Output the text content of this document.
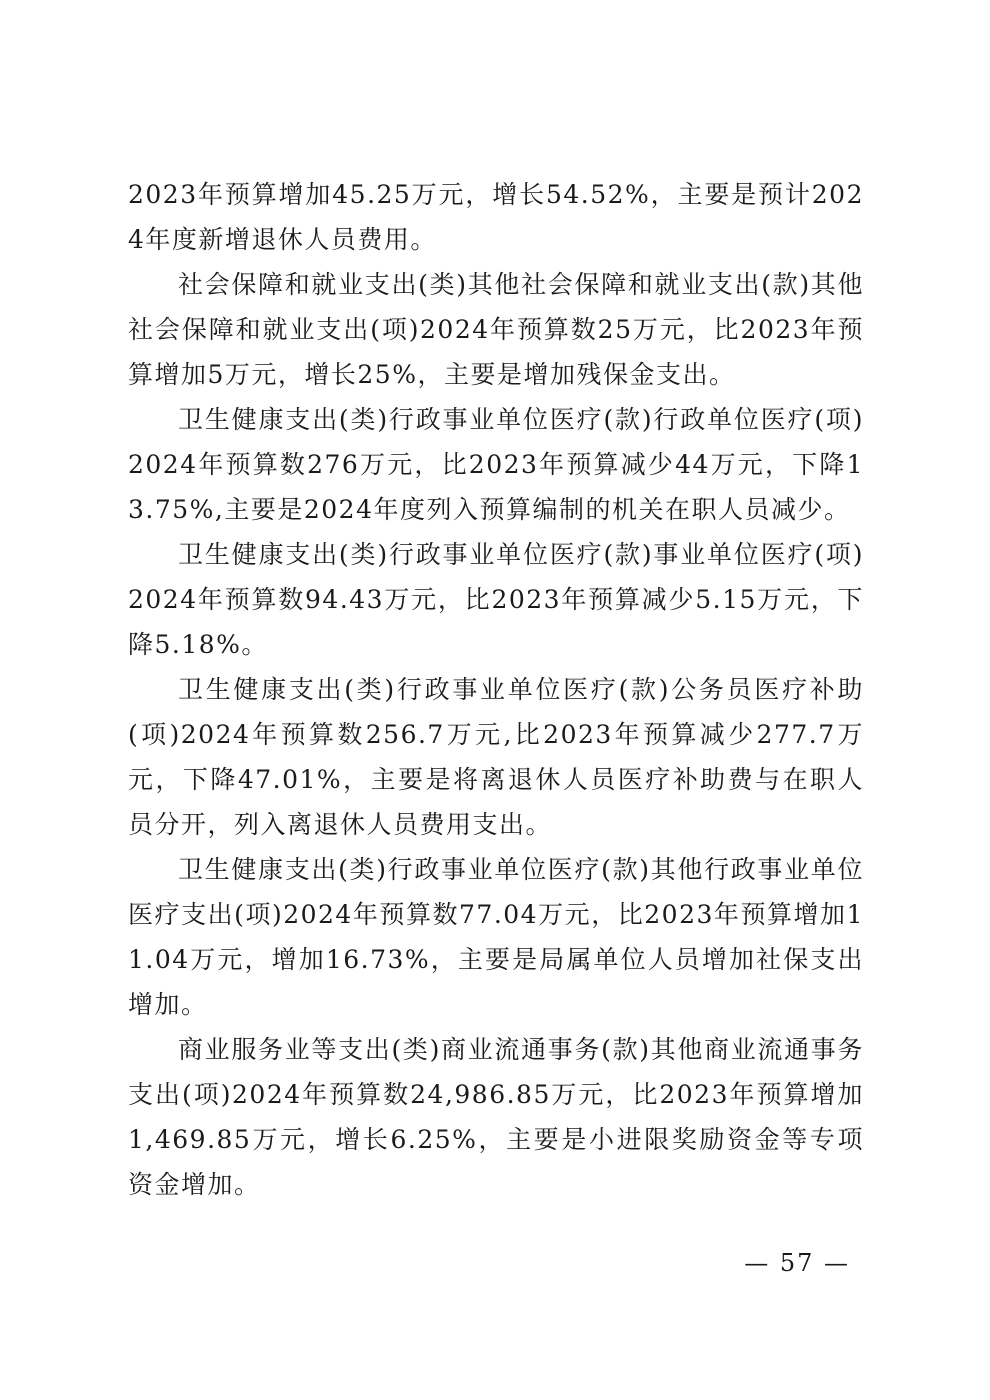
2023年预算增加45.25万元，增长54.52%，主要是预计2024年度新增退休人员费用。

社会保障和就业支出(类)其他社会保障和就业支出(款)其他社会保障和就业支出(项)2024年预算数25万元，比2023年预算增加5万元，增长25%，主要是增加残保金支出。

卫生健康支出(类)行政事业单位医疗(款)行政单位医疗(项)2024年预算数276万元，比2023年预算减少44万元，下降13.75%,主要是2024年度列入预算编制的机关在职人员减少。

卫生健康支出(类)行政事业单位医疗(款)事业单位医疗(项)2024年预算数94.43万元，比2023年预算减少5.15万元，下降5.18%。

卫生健康支出(类)行政事业单位医疗(款)公务员医疗补助(项)2024年预算数256.7万元,比2023年预算减少277.7万元，下降47.01%，主要是将离退休人员医疗补助费与在职人员分开，列入离退休人员费用支出。

卫生健康支出(类)行政事业单位医疗(款)其他行政事业单位医疗支出(项)2024年预算数77.04万元，比2023年预算增加11.04万元，增加16.73%，主要是局属单位人员增加社保支出增加。

商业服务业等支出(类)商业流通事务(款)其他商业流通事务支出(项)2024年预算数24,986.85万元，比2023年预算增加1,469.85万元，增长6.25%，主要是小进限奖励资金等专项资金增加。

— 57 —
